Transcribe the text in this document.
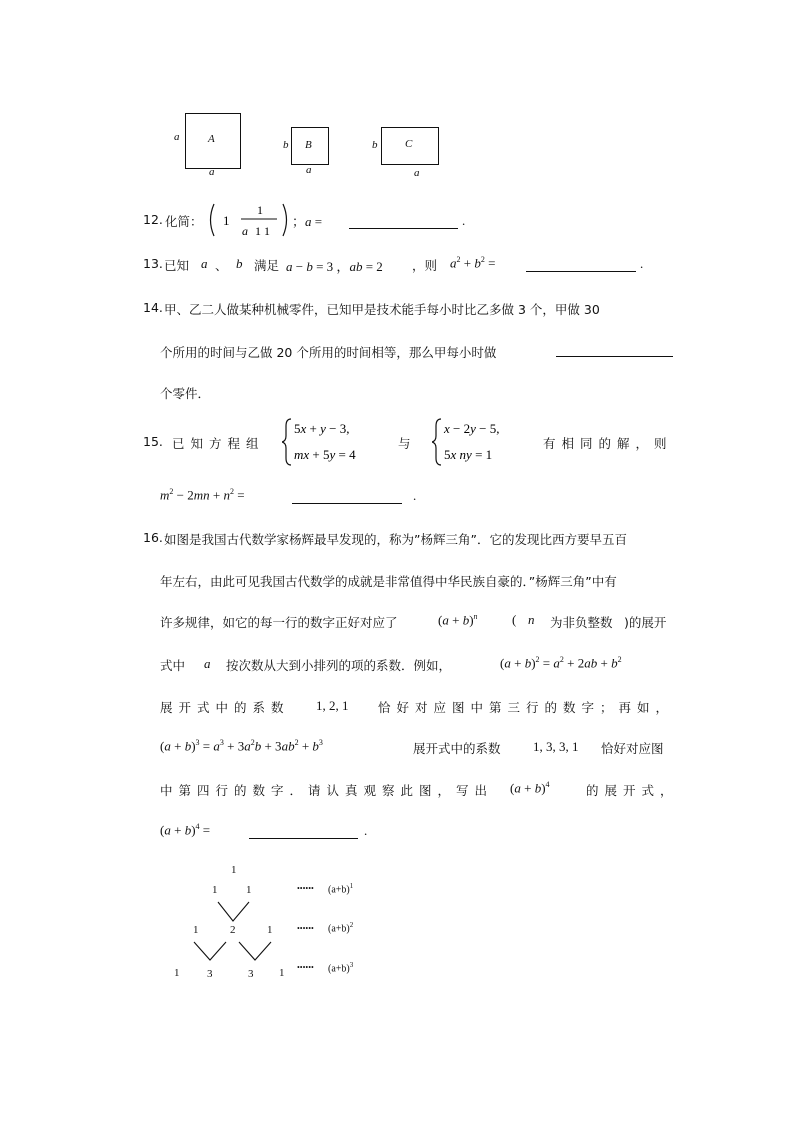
A
a
a
B
b
a
C
b
a
12. 化简： 1
1
a 1 1
；a =	.
13. 已知 a 、 b 满足 a − b = 3 ，ab = 2 ，则 $a^2 + b^2$ =	.
14. 甲、乙二人做某种机械零件，已知甲是技术能手每小时比乙多做 3 个，甲做 30
个所用的时间与乙做 20 个所用的时间相等，那么甲每小时做
个零件．
15. 已知方程组
5x + y − 3,
mx + 5y = 4
与
x − 2y − 5,
5x ny = 1
有相同的解，则
$m^2 - 2mn + n^2$ =	.
16. 如图是我国古代数学家杨辉最早发现的，称为”杨辉三角”．它的发现比西方要早五百
年左右，由此可见我国古代数学的成就是非常值得中华民族自豪的．”杨辉三角”中有
许多规律，如它的每一行的数字正好对应了	$(a + b)^n$	( n 为非负整数 )的展开
式中 a 按次数从大到小排列的项的系数．例如，	$(a + b)^2 = a^2 + 2ab + b^2$
展开式中的系数 1, 2, 1 恰好对应图中第三行的数字；再如，
$(a + b)^3 = a^3 + 3a^2b + 3ab^2 + b^3$	展开式中的系数 1, 3, 3, 1 恰好对应图
中第四行的数字．请认真观察此图，写出 $(a + b)^4$	的展开式，
$(a + b)^4$ =	.
1
1	1
1	2	1
1	3	3 1
•••••• $(a+b)^1$
•••••• $(a+b)^2$
•••••• $(a+b)^3$
